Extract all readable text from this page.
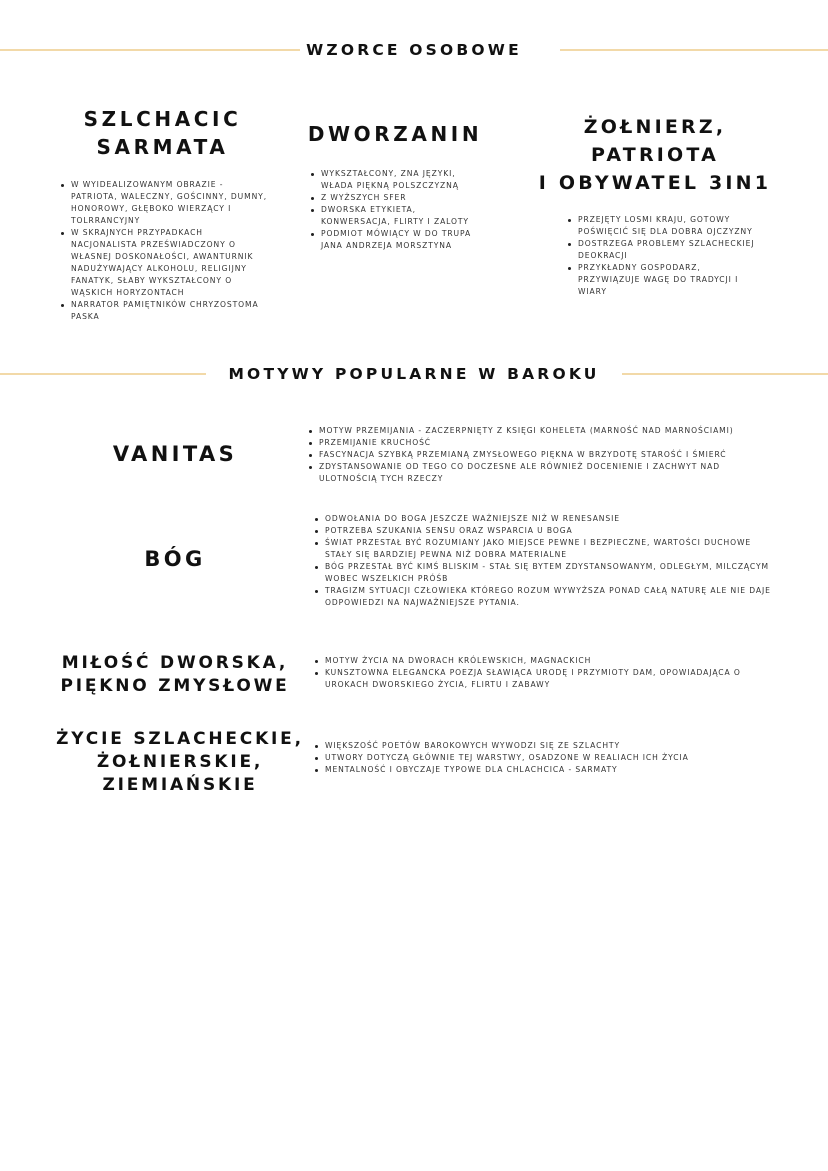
WZORCE OSOBOWE
SZLCHACIC
SARMATA
W WYIDEALIZOWANYM OBRAZIE - PATRIOTA, WALECZNY, GOŚCINNY, DUMNY, HONOROWY, GŁĘBOKO WIERZĄCY I TOLRRANCYJNY
W SKRAJNYCH PRZYPADKACH NACJONALISTA PRZEŚWIADCZONY O WŁASNEJ DOSKONAŁOŚCI, AWANTURNIK NADUŻYWAJĄCY ALKOHOLU, RELIGIJNY FANATYK, SŁABY WYKSZTAŁCONY O WĄSKICH HORYZONTACH
NARRATOR PAMIĘTNIKÓW CHRYZOSTOMA PASKA
DWORZANIN
WYKSZTAŁCONY, ZNA JĘZYKI, WŁADA PIĘKNĄ POLSZCZYZNĄ
Z WYŻSZYCH SFER
DWORSKA ETYKIETA, KONWERSACJA, FLIRTY I ZALOTY
PODMIOT MÓWIĄCY W DO TRUPA JANA ANDRZEJA MORSZTYNA
ŻOŁNIERZ, PATRIOTA
I OBYWATEL 3IN1
PRZEJĘTY LOSMI KRAJU, GOTOWY POŚWIĘCIĆ SIĘ DLA DOBRA OJCZYZNY
DOSTRZEGA PROBLEMY SZLACHECKIEJ DEOKRACJI
PRZYKŁADNY GOSPODARZ, PRZYWIĄZUJE WAGĘ DO TRADYCJI I WIARY
MOTYWY POPULARNE W BAROKU
VANITAS
MOTYW PRZEMIJANIA - ZACZERPNIĘTY Z KSIĘGI KOHELETA (MARNOŚĆ NAD MARNOŚCIAMI)
PRZEMIJANIE KRUCHOŚĆ
FASCYNACJA SZYBKĄ PRZEMIANĄ ZMYSŁOWEGO PIĘKNA W BRZYDOTĘ STAROŚĆ I ŚMIERĆ
ZDYSTANSOWANIE OD TEGO CO DOCZESNE ALE RÓWNIEŻ DOCENIENIE I ZACHWYT NAD ULOTNOŚCIĄ TYCH RZECZY
BÓG
ODWOŁANIA DO BOGA JESZCZE WAŻNIEJSZE NIŻ W RENESANSIE
POTRZEBA SZUKANIA SENSU ORAZ WSPARCIA U BOGA
ŚWIAT PRZESTAŁ BYĆ ROZUMIANY JAKO MIEJSCE PEWNE I BEZPIECZNE, WARTOŚCI DUCHOWE STAŁY SIĘ BARDZIEJ PEWNA NIŻ DOBRA MATERIALNE
BÓG PRZESTAŁ BYĆ KIMŚ BLISKIM - STAŁ SIĘ BYTEM ZDYSTANSOWANYM, ODLEGŁYM, MILCZĄCYM WOBEC WSZELKICH PRÓŚB
TRAGIZM SYTUACJI CZŁOWIEKA KTÓREGO ROZUM WYWYŻSZA PONAD CAŁĄ NATURĘ ALE NIE DAJE ODPOWIEDZI NA NAJWAŻNIEJSZE PYTANIA.
MIŁOŚĆ DWORSKA,
PIĘKNO ZMYSŁOWE
MOTYW ŻYCIA NA DWORACH KRÓLEWSKICH, MAGNACKICH
KUNSZTOWNA ELEGANCKA POEZJA SŁAWIĄCA URODĘ I PRZYMIOTY DAM, OPOWIADAJĄCA O UROKACH DWORSKIEGO ŻYCIA, FLIRTU I ZABAWY
ŻYCIE SZLACHECKIE,
ŻOŁNIERSKIE,
ZIEMIAŃSKIE
WIĘKSZOŚĆ POETÓW BAROKOWYCH WYWODZI SIĘ ZE SZLACHTY
UTWORY DOTYCZĄ GŁÓWNIE TEJ WARSTWY, OSADZONE W REALIACH ICH ŻYCIA
MENTALNOŚĆ I OBYCZAJE TYPOWE DLA CHLACHCICA - SARMATY
